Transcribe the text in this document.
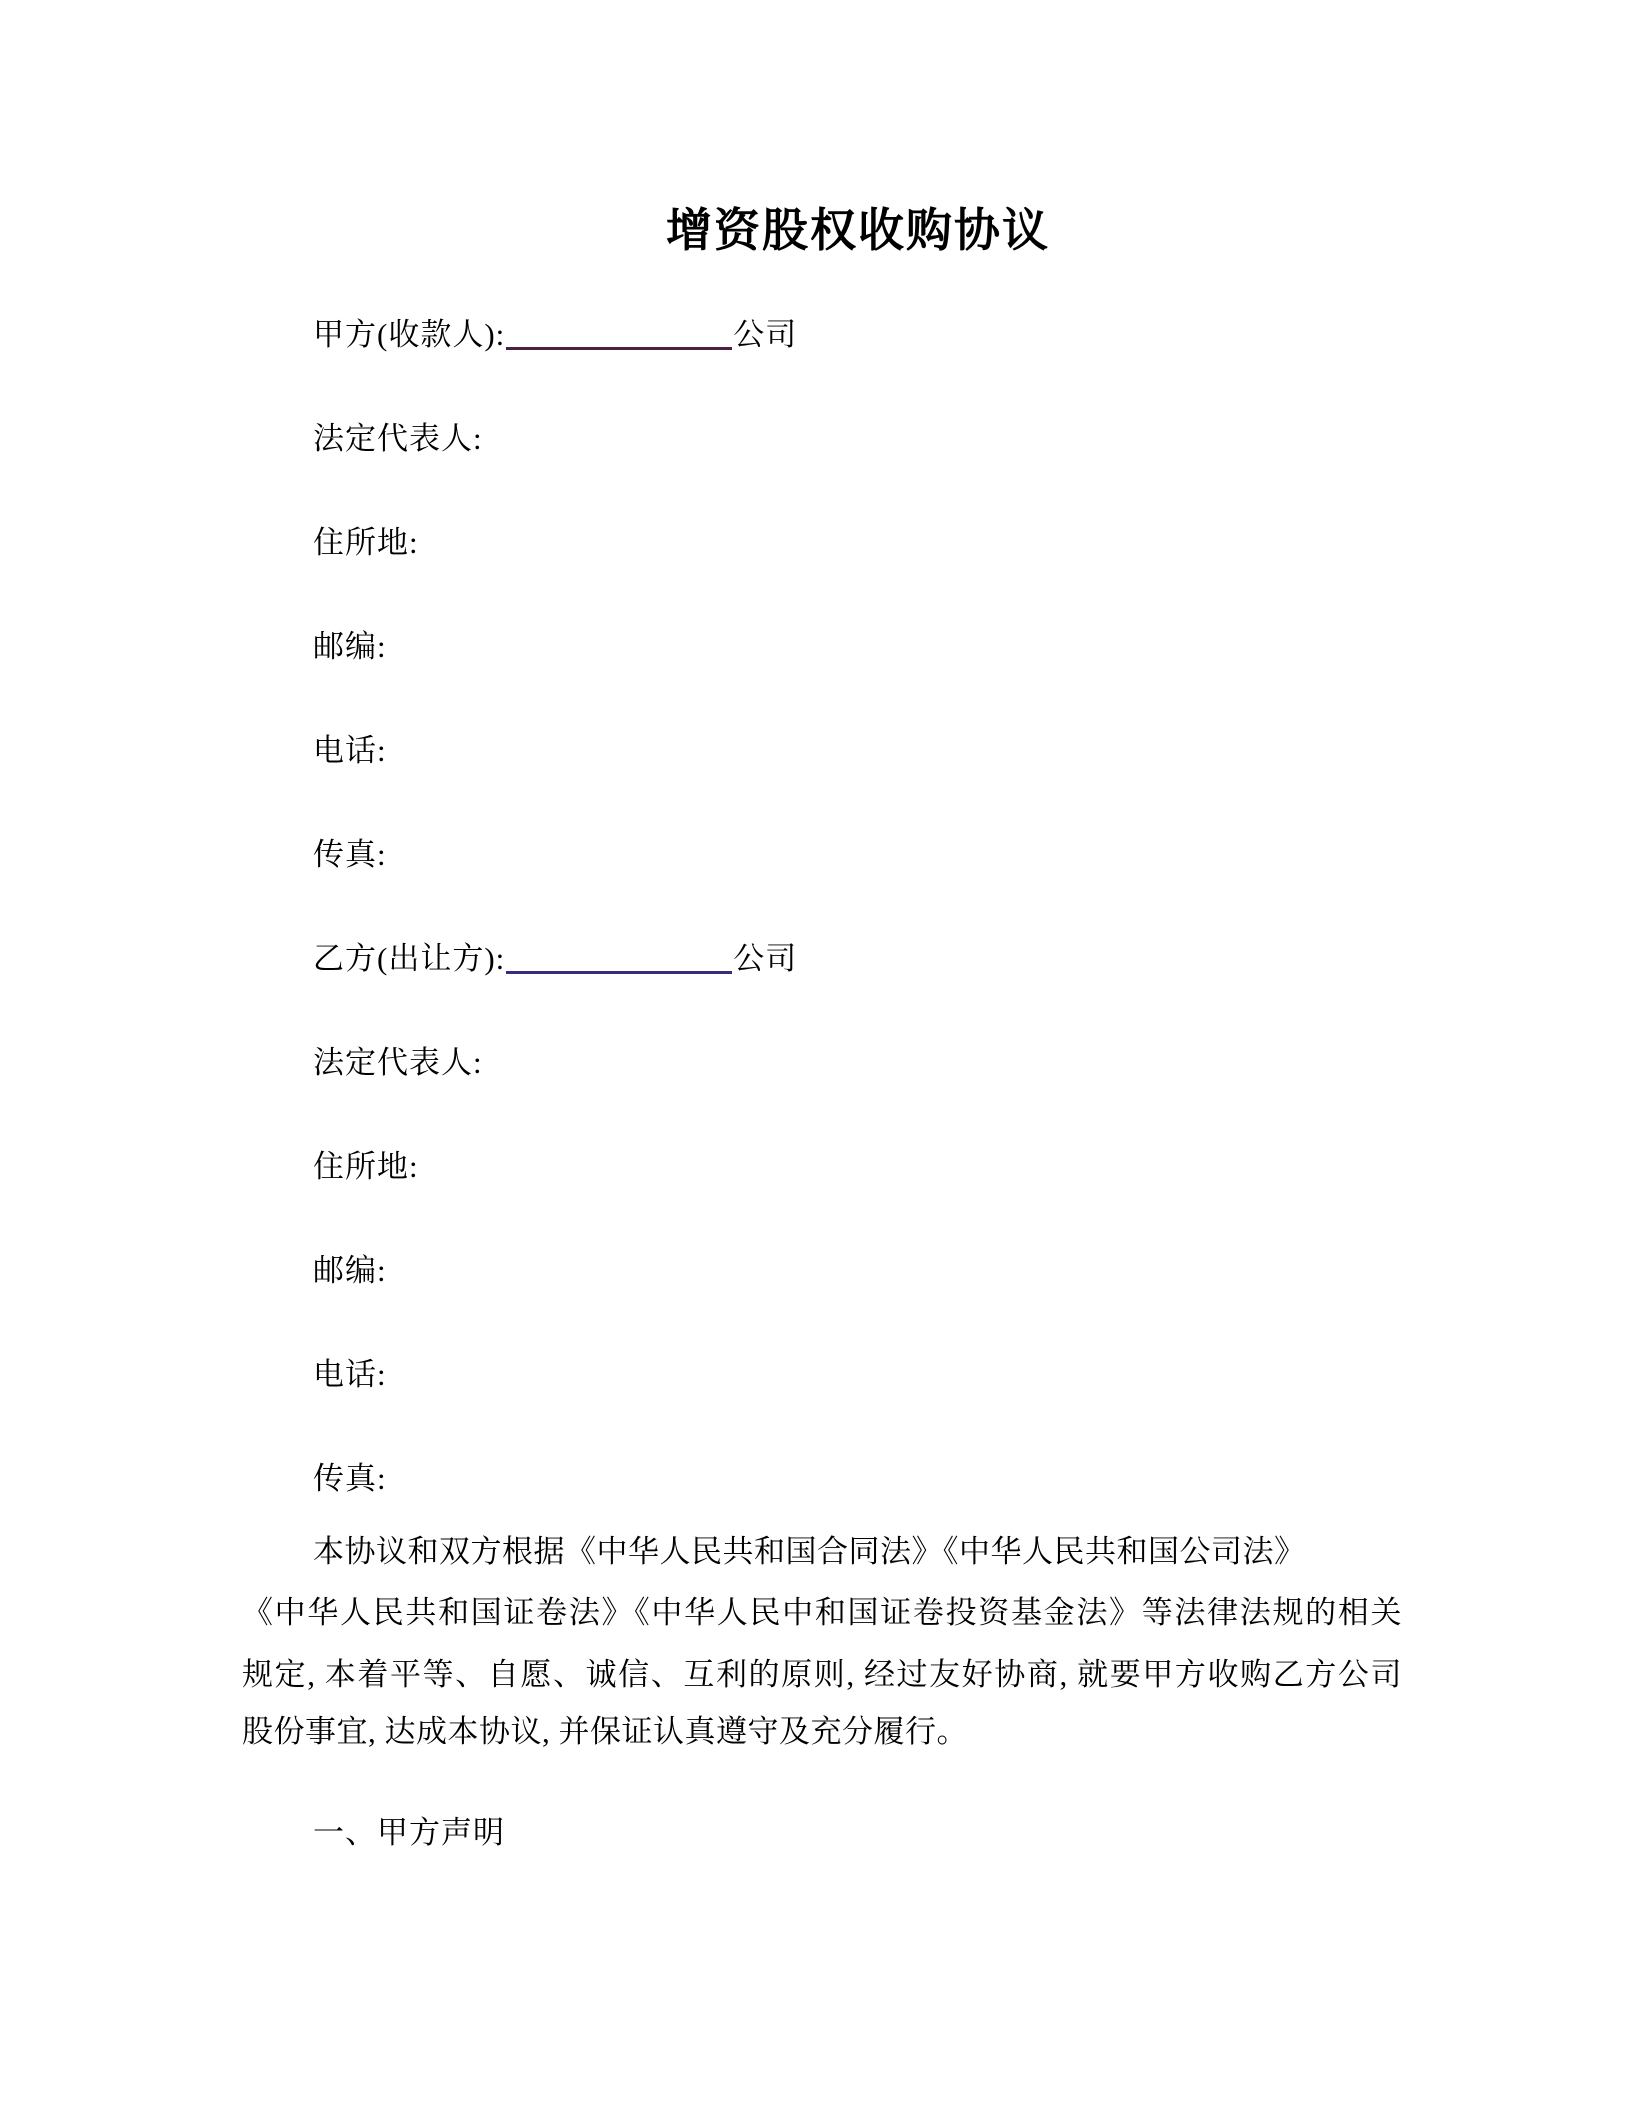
增资股权收购协议
甲方(收款人):	公司
法定代表人:
住所地:
邮编:
电话:
传真:
乙方(出让方):	公司
法定代表人:
住所地:
邮编:
电话:
传真:
本协议和双方根据《中华人民共和国合同法》《中华人民共和国公司法》
《中华人民共和国证卷法》《中华人民中和国证卷投资基金法》等法律法规的相关
规定, 本着平等、自愿、诚信、互利的原则, 经过友好协商, 就要甲方收购乙方公司
股份事宜, 达成本协议, 并保证认真遵守及充分履行。
一、甲方声明
